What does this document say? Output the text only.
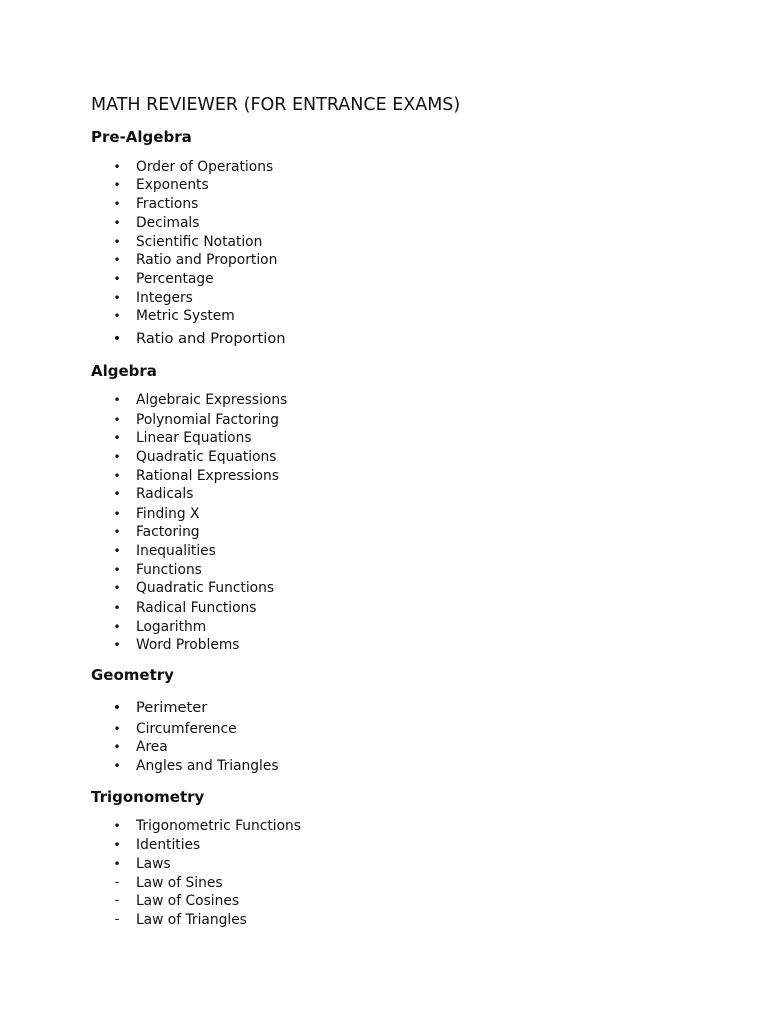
MATH REVIEWER (FOR ENTRANCE EXAMS)
Pre-Algebra
• Order of Operations
• Exponents
• Fractions
• Decimals
• Scientific Notation
• Ratio and Proportion
• Percentage
• Integers
• Metric System
• Ratio and Proportion
Algebra
• Algebraic Expressions
• Polynomial Factoring
• Linear Equations
• Quadratic Equations
• Rational Expressions
• Radicals
• Finding X
• Factoring
• Inequalities
• Functions
• Quadratic Functions
• Radical Functions
• Logarithm
• Word Problems
Geometry
• Perimeter
• Circumference
• Area
• Angles and Triangles
Trigonometry
• Trigonometric Functions
• Identities
• Laws
-	Law of Sines
-	Law of Cosines
-	Law of Triangles
